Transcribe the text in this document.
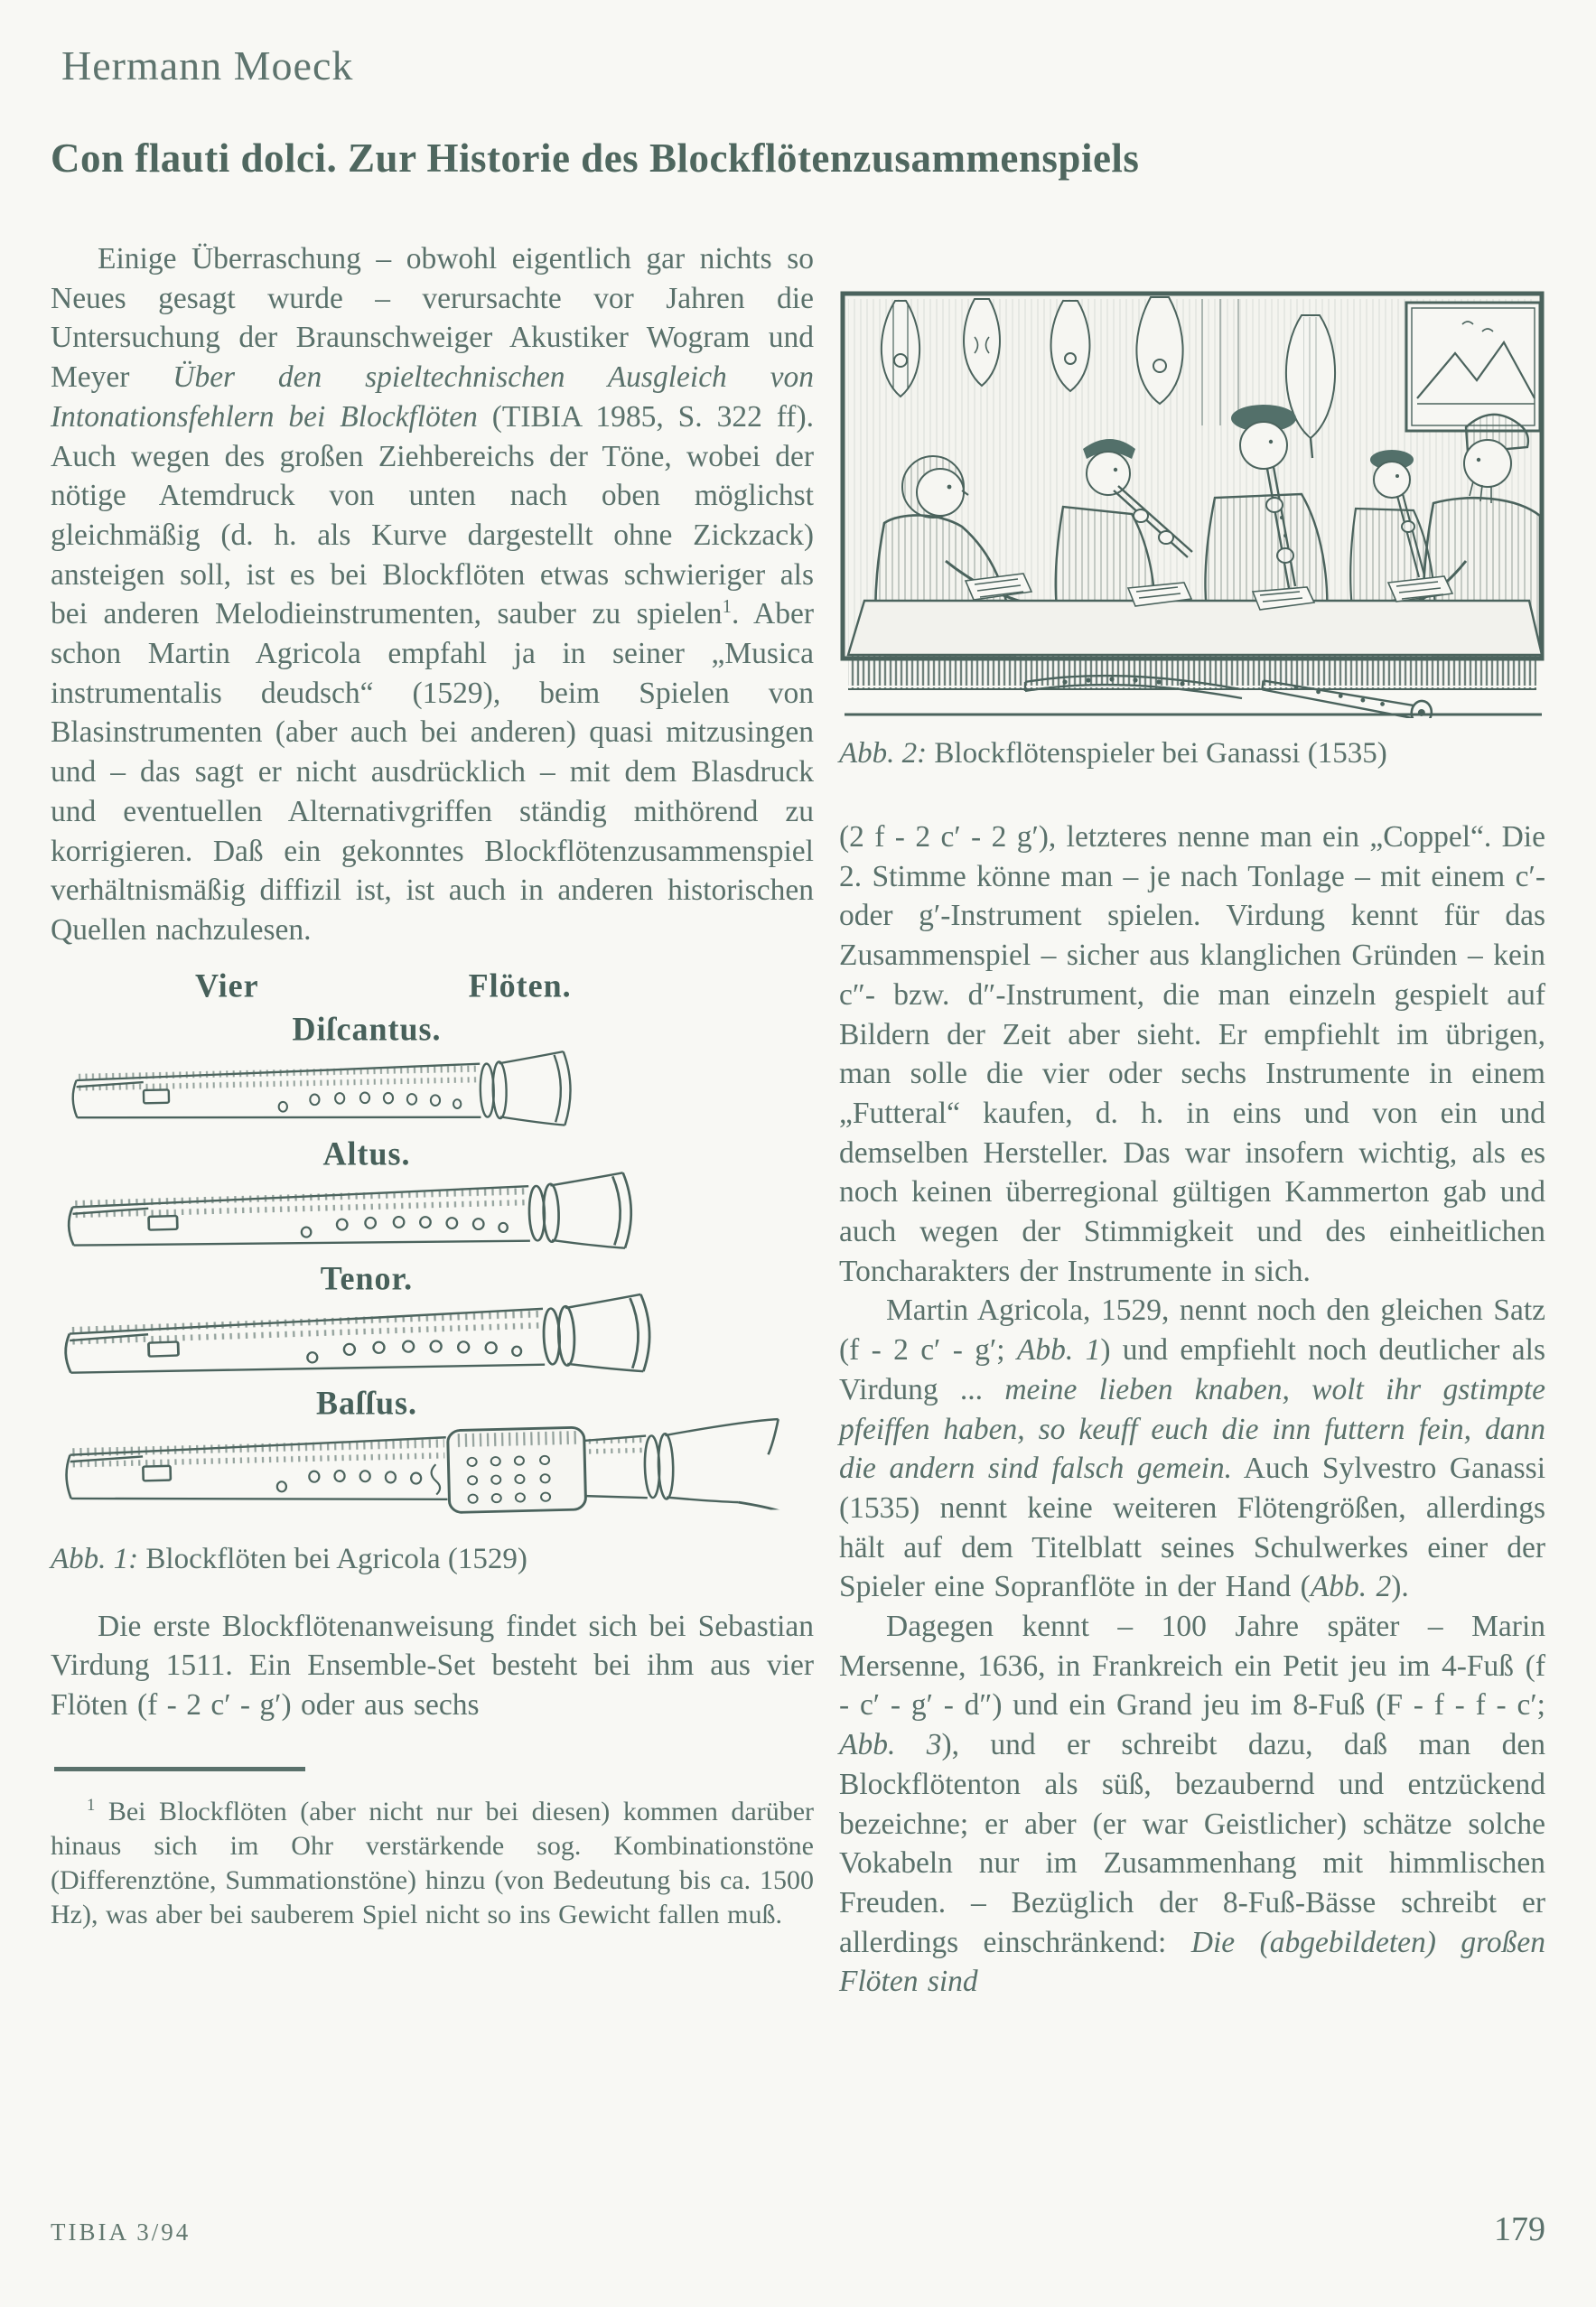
Hermann Moeck
Con flauti dolci. Zur Historie des Blockflötenzusammenspiels

Einige Überraschung – obwohl eigentlich gar nichts so Neues gesagt wurde – verursachte vor Jahren die Untersuchung der Braunschweiger Akustiker Wogram und Meyer Über den spieltechnischen Ausgleich von Intonationsfehlern bei Blockflöten (TIBIA 1985, S. 322 ff). Auch wegen des großen Ziehbereichs der Töne, wobei der nötige Atemdruck von unten nach oben möglichst gleichmäßig (d. h. als Kurve dargestellt ohne Zickzack) ansteigen soll, ist es bei Blockflöten etwas schwieriger als bei anderen Melodieinstrumenten, sauber zu spielen$^1$. Aber schon Martin Agricola empfahl ja in seiner „Musica instrumentalis deudsch“ (1529), beim Spielen von Blasinstrumenten (aber auch bei anderen) quasi mitzusingen und – das sagt er nicht ausdrücklich – mit dem Blasdruck und eventuellen Alternativgriffen ständig mithörend zu korrigieren. Daß ein gekonntes Blockflötenzusammenspiel verhältnismäßig diffizil ist, ist auch in anderen historischen Quellen nachzulesen.

Vier	Flöten.
Diſcantus.
Altus.
Tenor.
Baſſus.
Abb. 1: Blockflöten bei Agricola (1529)

Die erste Blockflötenanweisung findet sich bei Sebastian Virdung 1511. Ein Ensemble-Set besteht bei ihm aus vier Flöten (f - 2 c′ - g′) oder aus sechs

$^1$ Bei Blockflöten (aber nicht nur bei diesen) kommen darüber hinaus sich im Ohr verstärkende sog. Kombinationstöne (Differenztöne, Summationstöne) hinzu (von Bedeutung bis ca. 1500 Hz), was aber bei sauberem Spiel nicht so ins Gewicht fallen muß.
Abb. 2: Blockflötenspieler bei Ganassi (1535)

(2 f - 2 c′ - 2 g′), letzteres nenne man ein „Coppel“. Die 2. Stimme könne man – je nach Tonlage – mit einem c′- oder g′-Instrument spielen. Virdung kennt für das Zusammenspiel – sicher aus klanglichen Gründen – kein c″- bzw. d″-Instrument, die man einzeln gespielt auf Bildern der Zeit aber sieht. Er empfiehlt im übrigen, man solle die vier oder sechs Instrumente in einem „Futteral“ kaufen, d. h. in eins und von ein und demselben Hersteller. Das war insofern wichtig, als es noch keinen überregional gültigen Kammerton gab und auch wegen der Stimmigkeit und des einheitlichen Toncharakters der Instrumente in sich.

Martin Agricola, 1529, nennt noch den gleichen Satz (f - 2 c′ - g′; Abb. 1) und empfiehlt noch deutlicher als Virdung ... meine lieben knaben, wolt ihr gstimpte pfeiffen haben, so keuff euch die inn futtern fein, dann die andern sind falsch gemein. Auch Sylvestro Ganassi (1535) nennt keine weiteren Flötengrößen, allerdings hält auf dem Titelblatt seines Schulwerkes einer der Spieler eine Sopranflöte in der Hand (Abb. 2).

Dagegen kennt – 100 Jahre später – Marin Mersenne, 1636, in Frankreich ein Petit jeu im 4-Fuß (f - c′ - g′ - d″) und ein Grand jeu im 8-Fuß (F - f - f - c′; Abb. 3), und er schreibt dazu, daß man den Blockflötenton als süß, bezaubernd und entzückend bezeichne; er aber (er war Geistlicher) schätze solche Vokabeln nur im Zusammenhang mit himmlischen Freuden. – Bezüglich der 8-Fuß-Bässe schreibt er allerdings einschränkend: Die (abgebildeten) großen Flöten sind

TIBIA 3/94	179
